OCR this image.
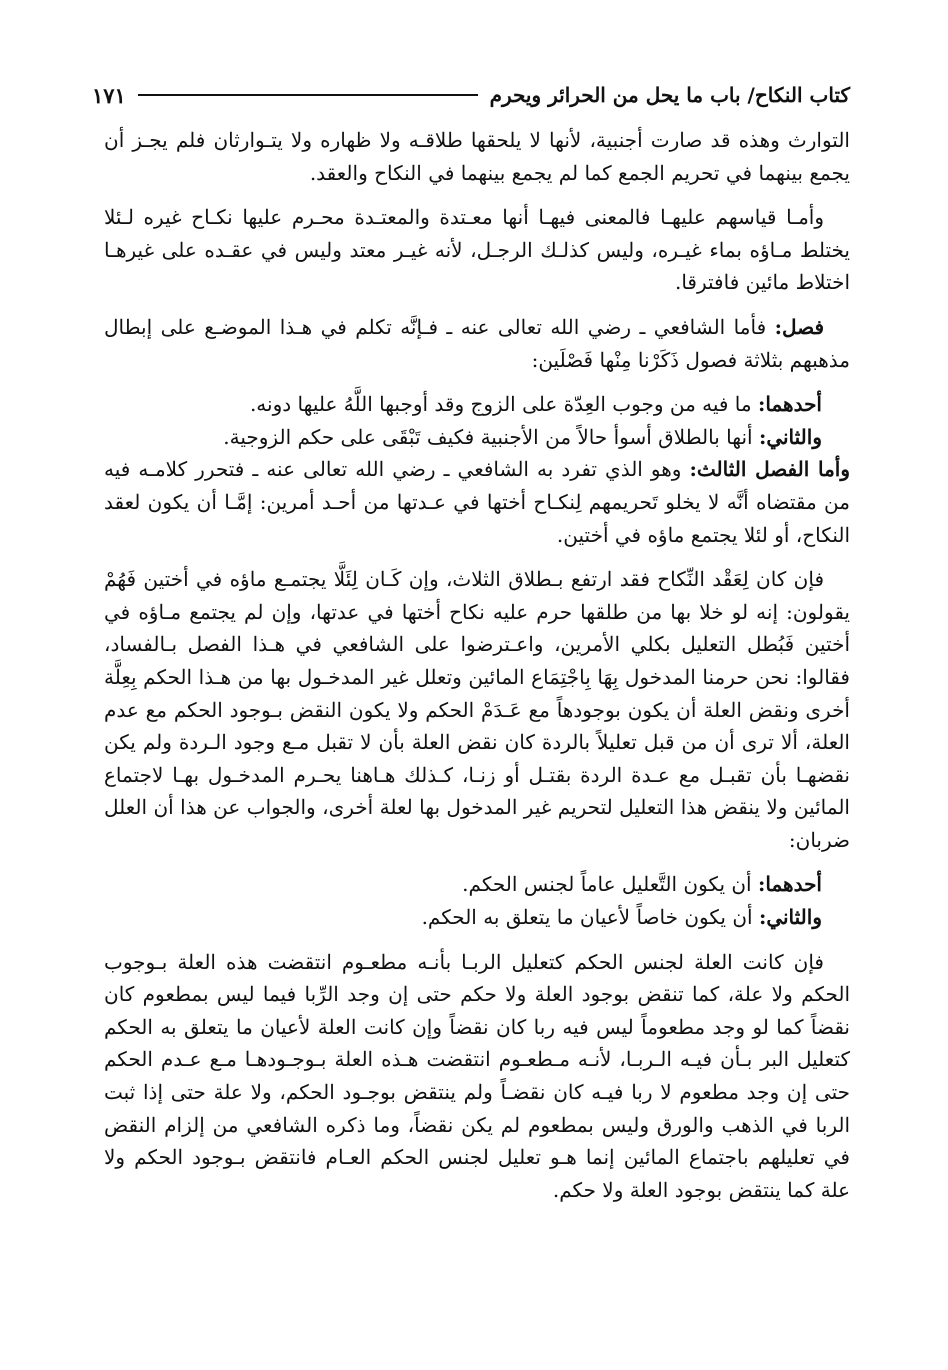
كتاب النكاح/ باب ما يحل من الحرائر ويحرم
١٧١

التوارث وهذه قد صارت أجنبية، لأنها لا يلحقها طلاقـه ولا ظهاره ولا يتـوارثان فلم يجـز أن يجمع بينهما في تحريم الجمع كما لم يجمع بينهما في النكاح والعقد.

وأمـا قياسهم عليهـا فالمعنى فيهـا أنها معـتدة والمعتـدة محـرم عليها نكـاح غيره لـئلا يختلط مـاؤه بماء غيـره، وليس كذلـك الرجـل، لأنه غيـر معتد وليس في عقـده على غيرهـا اختلاط مائين فافترقا.

فصل: فأما الشافعي ـ رضي الله تعالى عنه ـ فـإنَّه تكلم في هـذا الموضـع على إبطال مذهبهم بثلاثة فصول ذَكَرْنا مِنْها فَصْلَين:

أحدهما: ما فيه من وجوب العِدّة على الزوج وقد أوجبها اللَّهُ عليها دونه.

والثاني: أنها بالطلاق أسوأ حالاً من الأجنبية فكيف تَبْقَى على حكم الزوجية.

وأما الفصل الثالث: وهو الذي تفرد به الشافعي ـ رضي الله تعالى عنه ـ فتحرر كلامـه فيه من مقتضاه أنَّه لا يخلو تَحريمهم لِنكـاح أختها في عـدتها من أحـد أمرين: إمَّـا أن يكون لعقد النكاح، أو لئلا يجتمع ماؤه في أختين.

فإن كان لِعَقْد النِّكاح فقد ارتفع بـطلاق الثلاث، وإن كَـان لِئَلَّا يجتمـع ماؤه في أختين فَهُمْ يقولون: إنه لو خلا بها من طلقها حرم عليه نكاح أختها في عدتها، وإن لم يجتمع مـاؤه في أختين فَبُطل التعليل بكلي الأمرين، واعـترضوا على الشافعي في هـذا الفصل بـالفساد، فقالوا: نحن حرمنا المدخول بِهَا بِاجْتِمَاع المائين وتعلل غير المدخـول بها من هـذا الحكم بِعِلَّة أخرى ونقض العلة أن يكون بوجودهاً مع عَـدَمْ الحكم ولا يكون النقض بـوجود الحكم مع عدم العلة، ألا ترى أن من قبل تعليلاً بالردة كان نقض العلة بأن لا تقبل مـع وجود الـردة ولم يكن نقضهـا بأن تقبـل مع عـدة الردة بقتـل أو زنـا، كـذلك هـاهنا يحـرم المدخـول بهـا لاجتماع المائين ولا ينقض هذا التعليل لتحريم غير المدخول بها لعلة أخرى، والجواب عن هذا أن العلل ضربان:

أحدهما: أن يكون التَّعليل عاماً لجنس الحكم.

والثاني: أن يكون خاصاً لأعيان ما يتعلق به الحكم.

فإن كانت العلة لجنس الحكم كتعليل الربـا بأنـه مطعـوم انتقضت هذه العلة بـوجوب الحكم ولا علة، كما تنقض بوجود العلة ولا حكم حتى إن وجد الرِّبا فيما ليس بمطعوم كان نقضاً كما لو وجد مطعوماً ليس فيه ربا كان نقضاً وإن كانت العلة لأعيان ما يتعلق به الحكم كتعليل البر بـأن فيـه الـربـا، لأنـه مـطعـوم انتقضت هـذه العلة بـوجـودهـا مـع عـدم الحكم حتى إن وجد مطعوم لا ربا فيـه كان نقضـاً ولم ينتقض بوجـود الحكم، ولا علة حتى إذا ثبت الربا في الذهب والورق وليس بمطعوم لم يكن نقضاً، وما ذكره الشافعي من إلزام النقض في تعليلهم باجتماع المائين إنما هـو تعليل لجنس الحكم العـام فانتقض بـوجود الحكم ولا علة كما ينتقض بوجود العلة ولا حكم.
